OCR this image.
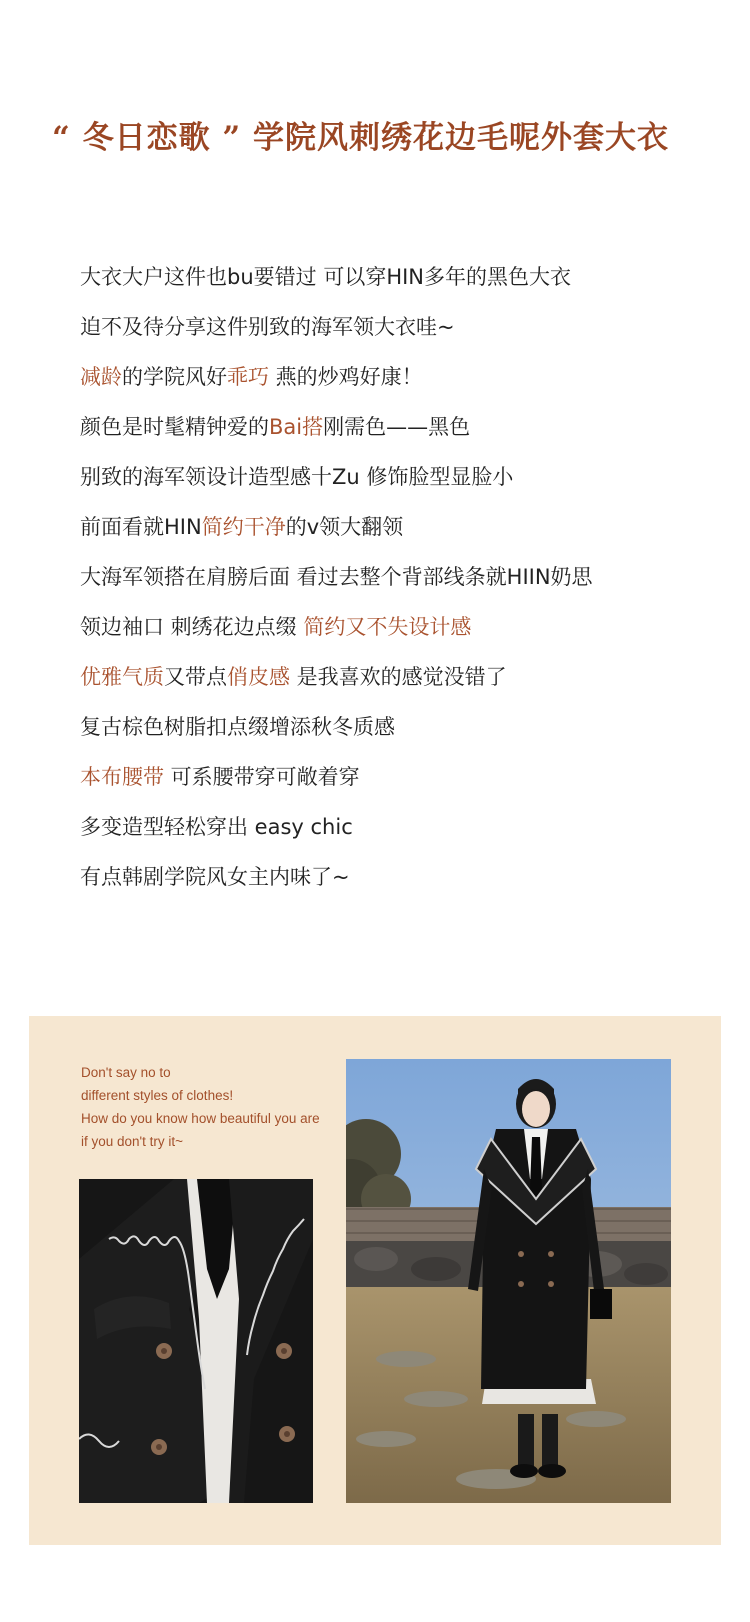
“ 冬日恋歌 ” 学院风刺绣花边毛呢外套大衣
大衣大户这件也bu要错过 可以穿HIN多年的黑色大衣
迫不及待分享这件别致的海军领大衣哇~
减龄的学院风好乖巧 燕的炒鸡好康！
颜色是时髦精钟爱的Bai搭刚需色——黑色
别致的海军领设计造型感十Zu 修饰脸型显脸小
前面看就HIN简约干净的v领大翻领
大海军领搭在肩膀后面 看过去整个背部线条就HIIN奶思
领边袖口 刺绣花边点缀 简约又不失设计感
优雅气质又带点俏皮感 是我喜欢的感觉没错了
复古棕色树脂扣点缀增添秋冬质感
本布腰带 可系腰带穿可敞着穿
多变造型轻松穿出 easy chic
有点韩剧学院风女主内味了~
Don't say no to
different styles of clothes!
How do you know how beautiful you are
if you don't try it~
